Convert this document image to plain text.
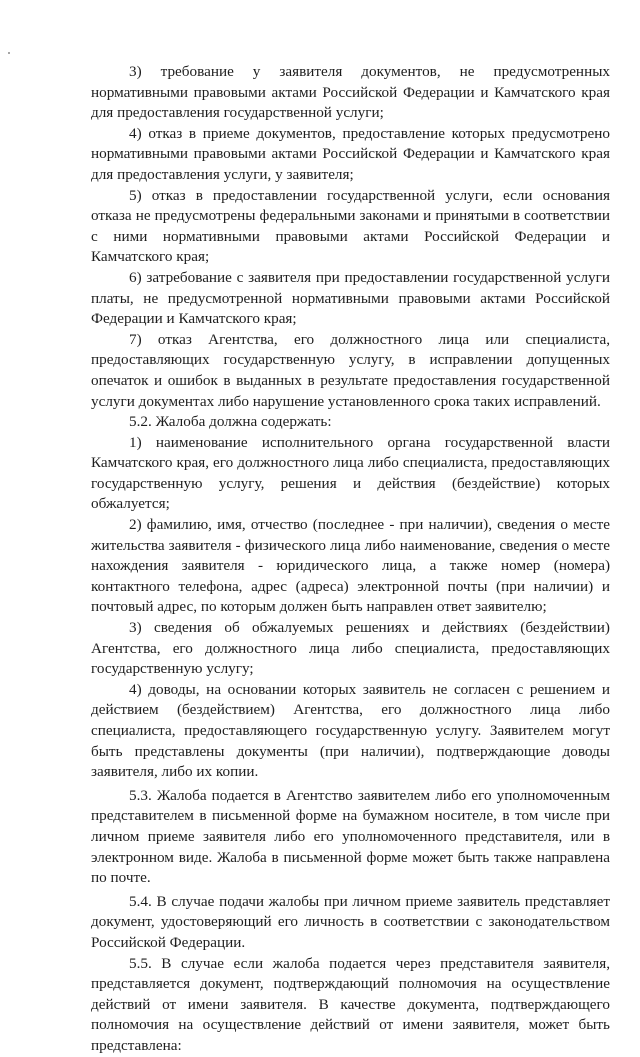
3) требование у заявителя документов, не предусмотренных нормативными правовыми актами Российской Федерации и Камчатского края для предоставления государственной услуги;

4) отказ в приеме документов, предоставление которых предусмотрено нормативными правовыми актами Российской Федерации и Камчатского края для предоставления услуги, у заявителя;

5) отказ в предоставлении государственной услуги, если основания отказа не предусмотрены федеральными законами и принятыми в соответствии с ними нормативными правовыми актами Российской Федерации и Камчатского края;

6) затребование с заявителя при предоставлении государственной услуги платы, не предусмотренной нормативными правовыми актами Российской Федерации и Камчатского края;

7) отказ Агентства, его должностного лица или специалиста, предоставляющих государственную услугу, в исправлении допущенных опечаток и ошибок в выданных в результате предоставления государственной услуги документах либо нарушение установленного срока таких исправлений.

5.2. Жалоба должна содержать:

1) наименование исполнительного органа государственной власти Камчатского края, его должностного лица либо специалиста, предоставляющих государственную услугу, решения и действия (бездействие) которых обжалуется;

2) фамилию, имя, отчество (последнее - при наличии), сведения о месте жительства заявителя - физического лица либо наименование, сведения о месте нахождения заявителя - юридического лица, а также номер (номера) контактного телефона, адрес (адреса) электронной почты (при наличии) и почтовый адрес, по которым должен быть направлен ответ заявителю;

3) сведения об обжалуемых решениях и действиях (бездействии) Агентства, его должностного лица либо специалиста, предоставляющих государственную услугу;

4) доводы, на основании которых заявитель не согласен с решением и действием (бездействием) Агентства, его должностного лица либо специалиста, предоставляющего государственную услугу. Заявителем могут быть представлены документы (при наличии), подтверждающие доводы заявителя, либо их копии.

5.3. Жалоба подается в Агентство заявителем либо его уполномоченным представителем в письменной форме на бумажном носителе, в том числе при личном приеме заявителя либо его уполномоченного представителя, или в электронном виде. Жалоба в письменной форме может быть также направлена по почте.

5.4. В случае подачи жалобы при личном приеме заявитель представляет документ, удостоверяющий его личность в соответствии с законодательством Российской Федерации.

5.5. В случае если жалоба подается через представителя заявителя, представляется документ, подтверждающий полномочия на осуществление действий от имени заявителя. В качестве документа, подтверждающего полномочия на осуществление действий от имени заявителя, может быть представлена:
